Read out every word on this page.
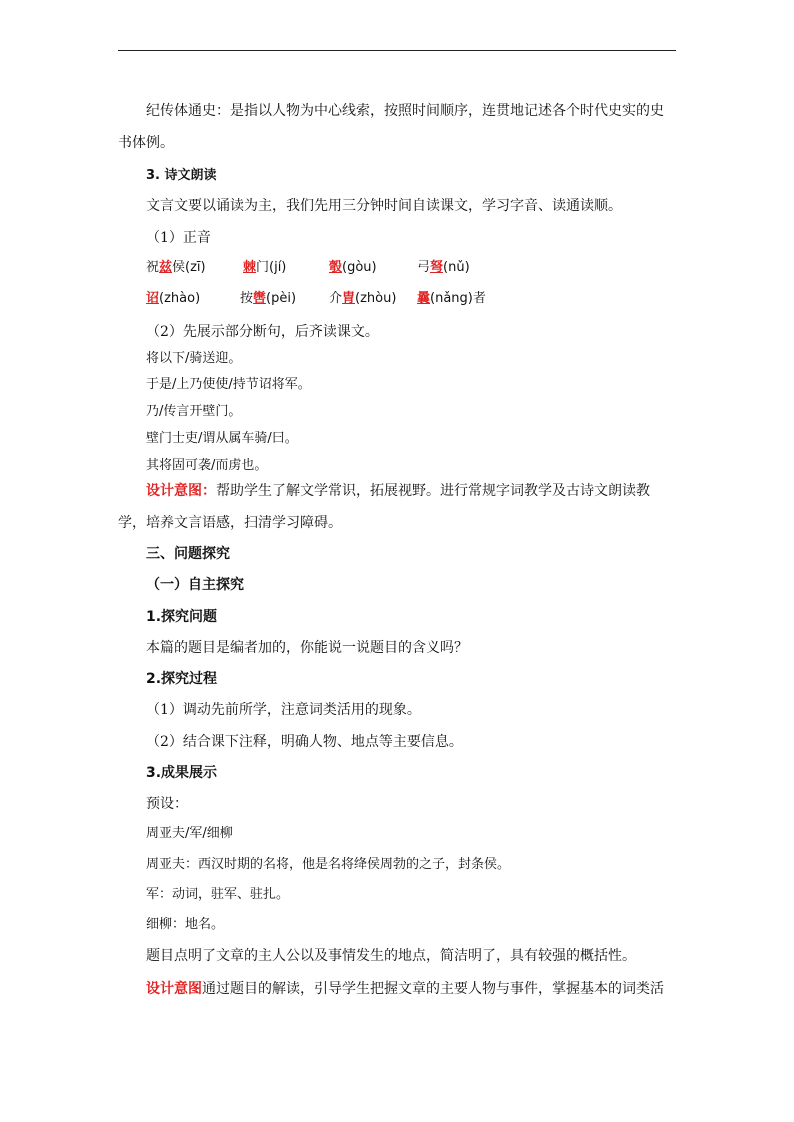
纪传体通史：是指以人物为中心线索，按照时间顺序，连贯地记述各个时代史实的史
书体例。
3. 诗文朗读
文言文要以诵读为主，我们先用三分钟时间自读课文，学习字音、读通读顺。
（1）正音
祝兹侯(zī)	棘门(jí)	彀(gòu)	弓弩(nǔ)
诏(zhào)	按辔(pèi)	介胄(zhòu) 曩(nǎng)者
（2）先展示部分断句，后齐读课文。
将以下/骑送迎。
于是/上乃使使/持节诏将军。
乃/传言开壁门。
壁门士吏/谓从属车骑/曰。
其将固可袭/而虏也。
设计意图：帮助学生了解文学常识，拓展视野。进行常规字词教学及古诗文朗读教
学，培养文言语感，扫清学习障碍。
三、问题探究
（一）自主探究
1.探究问题
本篇的题目是编者加的，你能说一说题目的含义吗？
2.探究过程
（1）调动先前所学，注意词类活用的现象。
（2）结合课下注释，明确人物、地点等主要信息。
3.成果展示
预设：
周亚夫/军/细柳
周亚夫：西汉时期的名将，他是名将绛侯周勃的之子，封条侯。
军：动词，驻军、驻扎。
细柳：地名。
题目点明了文章的主人公以及事情发生的地点，简洁明了，具有较强的概括性。
设计意图通过题目的解读，引导学生把握文章的主要人物与事件，掌握基本的词类活
